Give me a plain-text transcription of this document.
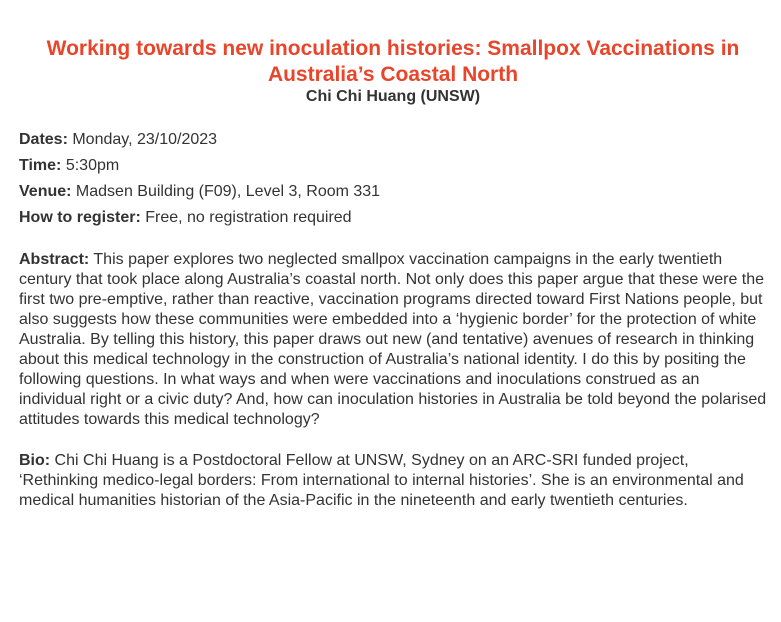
Working towards new inoculation histories: Smallpox Vaccinations in Australia’s Coastal North
Chi Chi Huang (UNSW)
Dates: Monday, 23/10/2023
Time: 5:30pm
Venue: Madsen Building (F09), Level 3, Room 331
How to register: Free, no registration required

Abstract: This paper explores two neglected smallpox vaccination campaigns in the early twentieth century that took place along Australia’s coastal north. Not only does this paper argue that these were the first two pre-emptive, rather than reactive, vaccination programs directed toward First Nations people, but also suggests how these communities were embedded into a ‘hygienic border’ for the protection of white Australia. By telling this history, this paper draws out new (and tentative) avenues of research in thinking about this medical technology in the construction of Australia’s national identity. I do this by positing the following questions. In what ways and when were vaccinations and inoculations construed as an individual right or a civic duty? And, how can inoculation histories in Australia be told beyond the polarised attitudes towards this medical technology?

Bio: Chi Chi Huang is a Postdoctoral Fellow at UNSW, Sydney on an ARC-SRI funded project, ‘Rethinking medico-legal borders: From international to internal histories’. She is an environmental and medical humanities historian of the Asia-Pacific in the nineteenth and early twentieth centuries.
